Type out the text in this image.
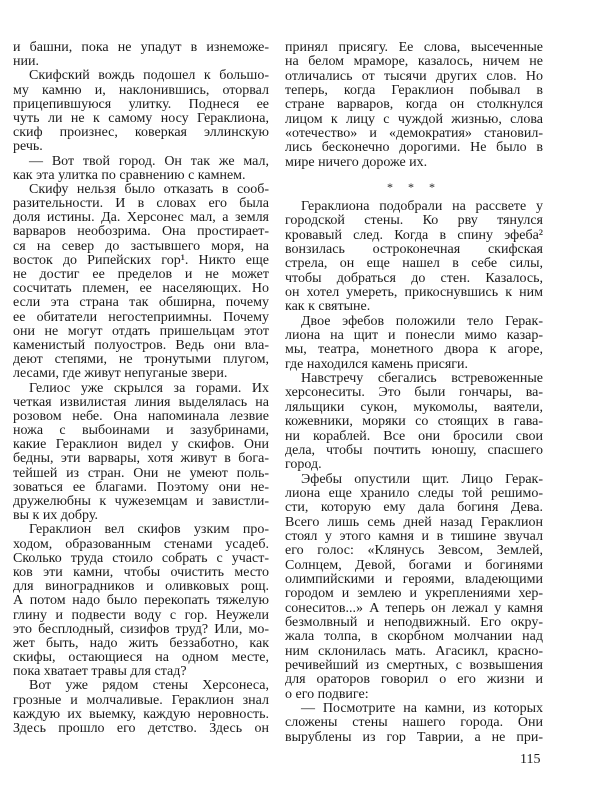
и башни, пока не упадут в изнеможе-
нии.
Скифский вождь подошел к большо-
му камню и, наклонившись, оторвал
прицепившуюся улитку. Поднеся ее
чуть ли не к самому носу Гераклиона,
скиф произнес, коверкая эллинскую
речь.
— Вот твой город. Он так же мал,
как эта улитка по сравнению с камнем.
Скифу нельзя было отказать в сооб-
разительности. И в словах его была
доля истины. Да. Херсонес мал, а земля
варваров необозрима. Она простирает-
ся на север до застывшего моря, на
восток до Рипейских гор¹. Никто еще
не достиг ее пределов и не может
сосчитать племен, ее населяющих. Но
если эта страна так обширна, почему
ее обитатели негостеприимны. Почему
они не могут отдать пришельцам этот
каменистый полуостров. Ведь они вла-
деют степями, не тронутыми плугом,
лесами, где живут непуганые звери.
Гелиос уже скрылся за горами. Их
четкая извилистая линия выделялась на
розовом небе. Она напоминала лезвие
ножа с выбоинами и зазубринами,
какие Гераклион видел у скифов. Они
бедны, эти варвары, хотя живут в бога-
тейшей из стран. Они не умеют поль-
зоваться ее благами. Поэтому они не-
дружелюбны к чужеземцам и завистли-
вы к их добру.
Гераклион вел скифов узким про-
ходом, образованным стенами усадеб.
Сколько труда стоило собрать с участ-
ков эти камни, чтобы очистить место
для виноградников и оливковых рощ.
А потом надо было перекопать тяжелую
глину и подвести воду с гор. Неужели
это бесплодный, сизифов труд? Или, мо-
жет быть, надо жить беззаботно, как
скифы, остающиеся на одном месте,
пока хватает травы для стад?
Вот уже рядом стены Херсонеса,
грозные и молчаливые. Гераклион знал
каждую их выемку, каждую неровность.
Здесь прошло его детство. Здесь он
принял присягу. Ее слова, высеченные
на белом мраморе, казалось, ничем не
отличались от тысячи других слов. Но
теперь, когда Гераклион побывал в
стране варваров, когда он столкнулся
лицом к лицу с чуждой жизнью, слова
«отечество» и «демократия» становил-
лись бесконечно дорогими. Не было в
мире ничего дороже их.
* * *
Гераклиона подобрали на рассвете у
городской стены. Ко рву тянулся
кровавый след. Когда в спину эфеба²
вонзилась остроконечная скифская
стрела, он еще нашел в себе силы,
чтобы добраться до стен. Казалось,
он хотел умереть, прикоснувшись к ним
как к святыне.
Двое эфебов положили тело Герак-
лиона на щит и понесли мимо казар-
мы, театра, монетного двора к агоре,
где находился камень присяги.
Навстречу сбегались встревоженные
херсонеситы. Это были гончары, ва-
ляльщики сукон, мукомолы, ваятели,
кожевники, моряки со стоящих в гава-
ни кораблей. Все они бросили свои
дела, чтобы почтить юношу, спасшего
город.
Эфебы опустили щит. Лицо Герак-
лиона еще хранило следы той решимо-
сти, которую ему дала богиня Дева.
Всего лишь семь дней назад Гераклион
стоял у этого камня и в тишине звучал
его голос: «Клянусь Зевсом, Землей,
Солнцем, Девой, богами и богинями
олимпийскими и героями, владеющими
городом и землею и укреплениями хер-
сонеситов...» А теперь он лежал у камня
безмолвный и неподвижный. Его окру-
жала толпа, в скорбном молчании над
ним склонилась мать. Агасикл, красно-
речивейший из смертных, с возвышения
для ораторов говорил о его жизни и
о его подвиге:
— Посмотрите на камни, из которых
сложены стены нашего города. Они
вырублены из гор Таврии, а не при-
115
